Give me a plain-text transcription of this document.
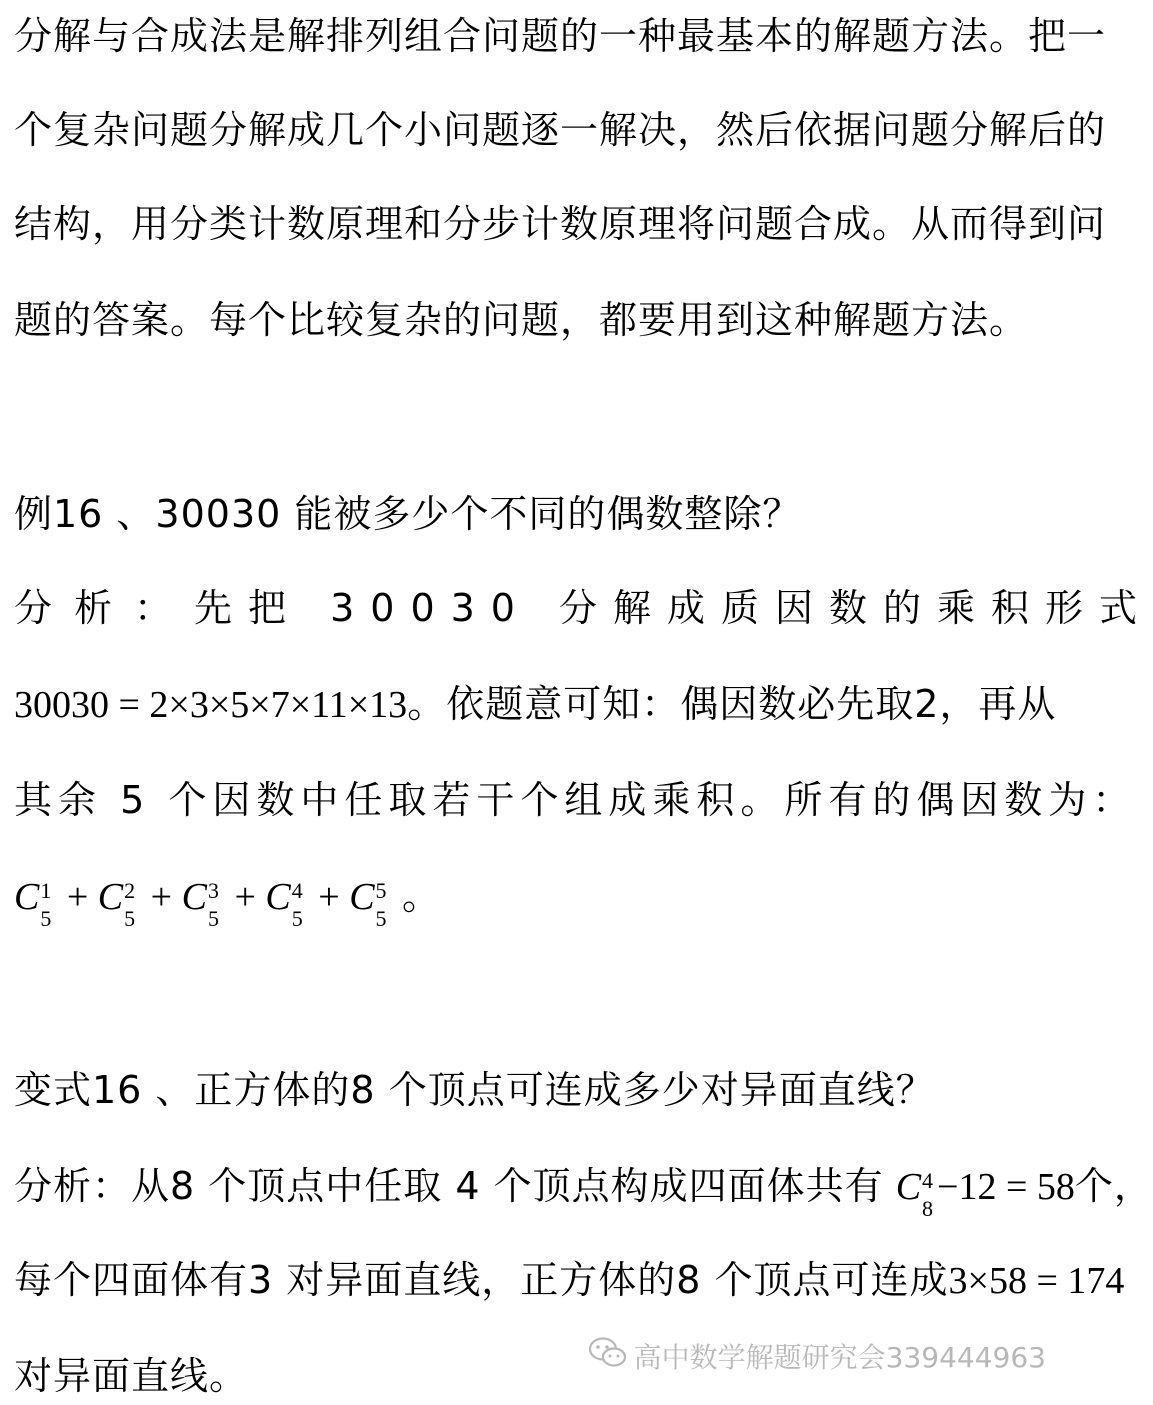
分解与合成法是解排列组合问题的一种最基本的解题方法。把一
个复杂问题分解成几个小问题逐一解决，然后依据问题分解后的
结构，用分类计数原理和分步计数原理将问题合成。从而得到问
题的答案。每个比较复杂的问题，都要用到这种解题方法。
例16 、30030 能被多少个不同的偶数整除？
分析：先把 30030 分解成质因数的乘积形式
30030 = 2×3×5×7×11×13。依题意可知：偶因数必先取2，再从
其余 5 个因数中任取若干个组成乘积。所有的偶因数为：
C 1
5
+ C 2
5
+ C 3
5
+ C 4
5
+ C 5
5
。
变式16 、正方体的8 个顶点可连成多少对异面直线？
分析：从8 个顶点中任取 4 个顶点构成四面体共有 C 4
8
−12 = 58个，
每个四面体有3 对异面直线，正方体的8 个顶点可连成3×58 = 174
对异面直线。	高中数学解题研究会339444963
